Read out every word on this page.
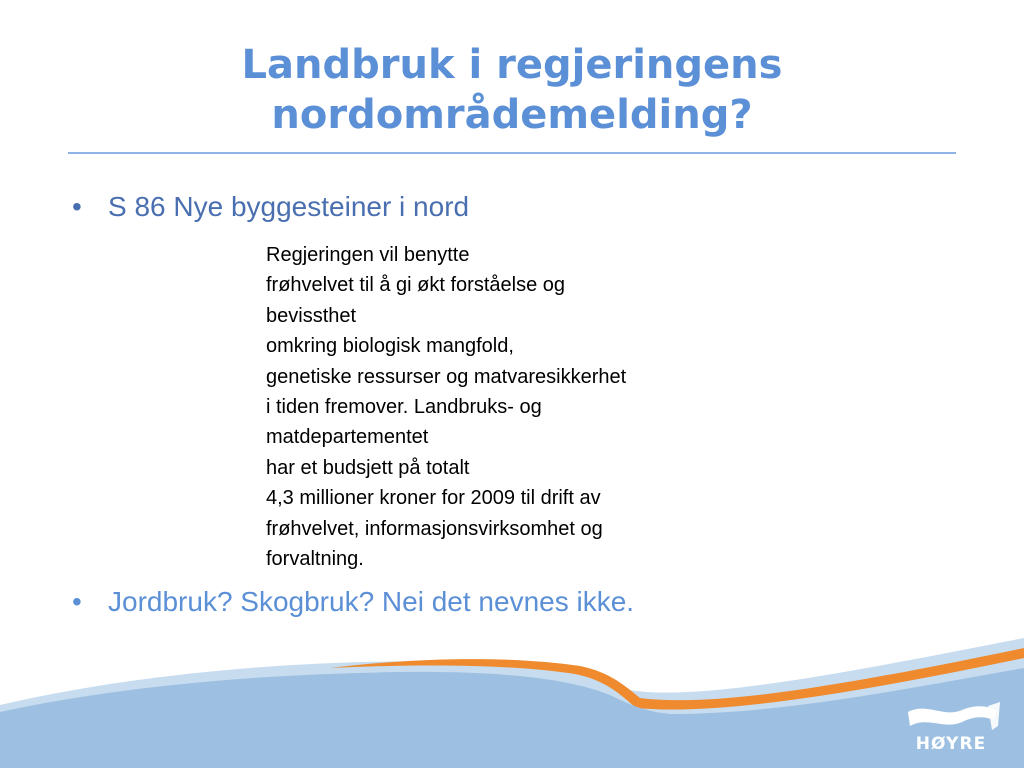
Landbruk i regjeringens
nordområdemelding?
• S 86 Nye byggesteiner i nord
Regjeringen vil benytte
frøhvelvet til å gi økt forståelse og
bevissthet
omkring biologisk mangfold,
genetiske ressurser og matvaresikkerhet
i tiden fremover. Landbruks- og
matdepartementet
har et budsjett på totalt
4,3 millioner kroner for 2009 til drift av
frøhvelvet, informasjonsvirksomhet og
forvaltning.
• Jordbruk? Skogbruk? Nei det nevnes ikke.
HØYRE
